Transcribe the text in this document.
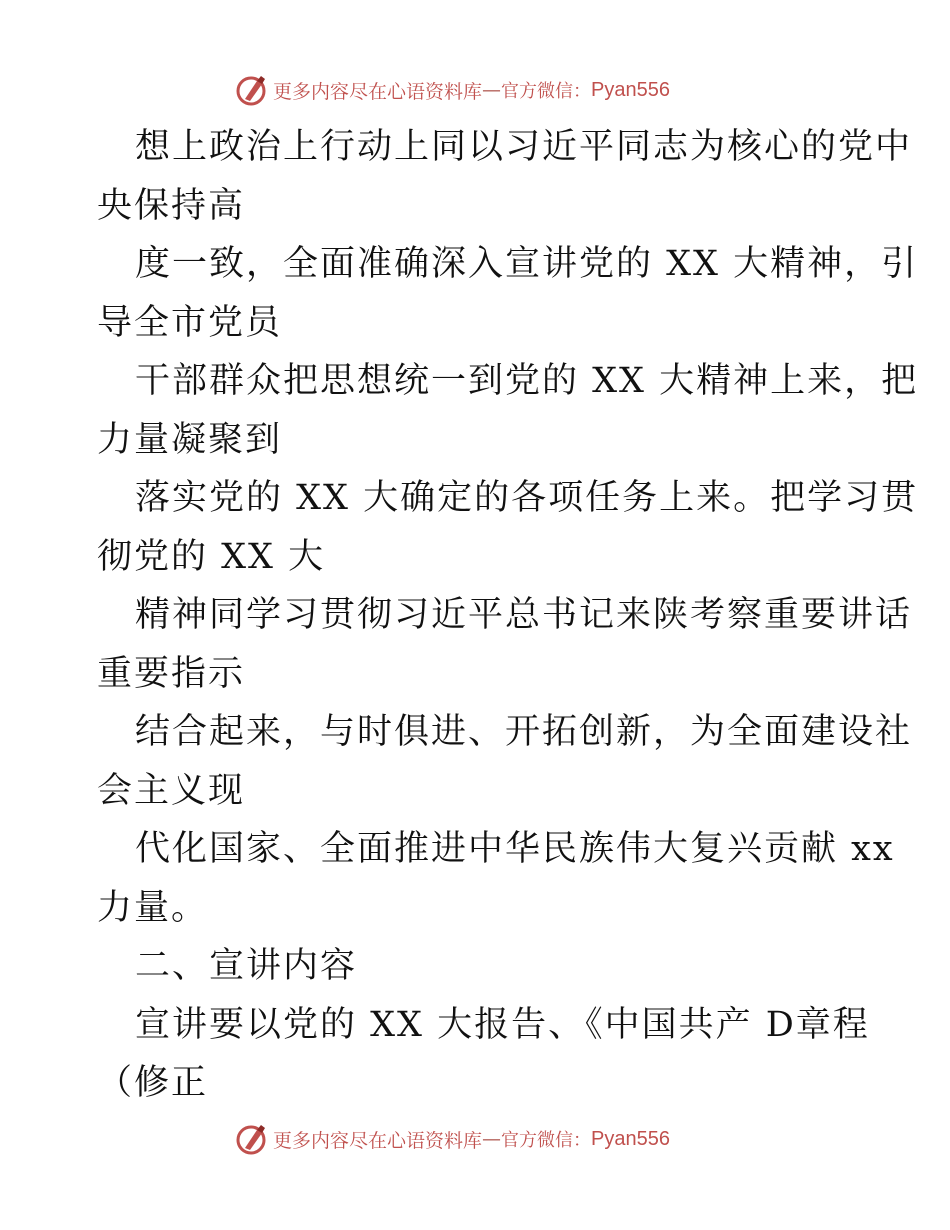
更多内容尽在心语资料库 — 官方微信： Pyan556
想上政治上行动上同以习近平同志为核心的党中
央保持高
度一致，全面准确深入宣讲党的 XX 大精神，引
导全市党员
干部群众把思想统一到党的 XX 大精神上来，把
力量凝聚到
落实党的 XX 大确定的各项任务上来。把学习贯
彻党的 XX 大
精神同学习贯彻习近平总书记来陕考察重要讲话
重要指示
结合起来，与时俱进、开拓创新，为全面建设社
会主义现
代化国家、全面推进中华民族伟大复兴贡献 xx
力量。
二、宣讲内容
宣讲要以党的 XX 大报告、《中国共产 D章程
（修正
更多内容尽在心语资料库 — 官方微信： Pyan556
